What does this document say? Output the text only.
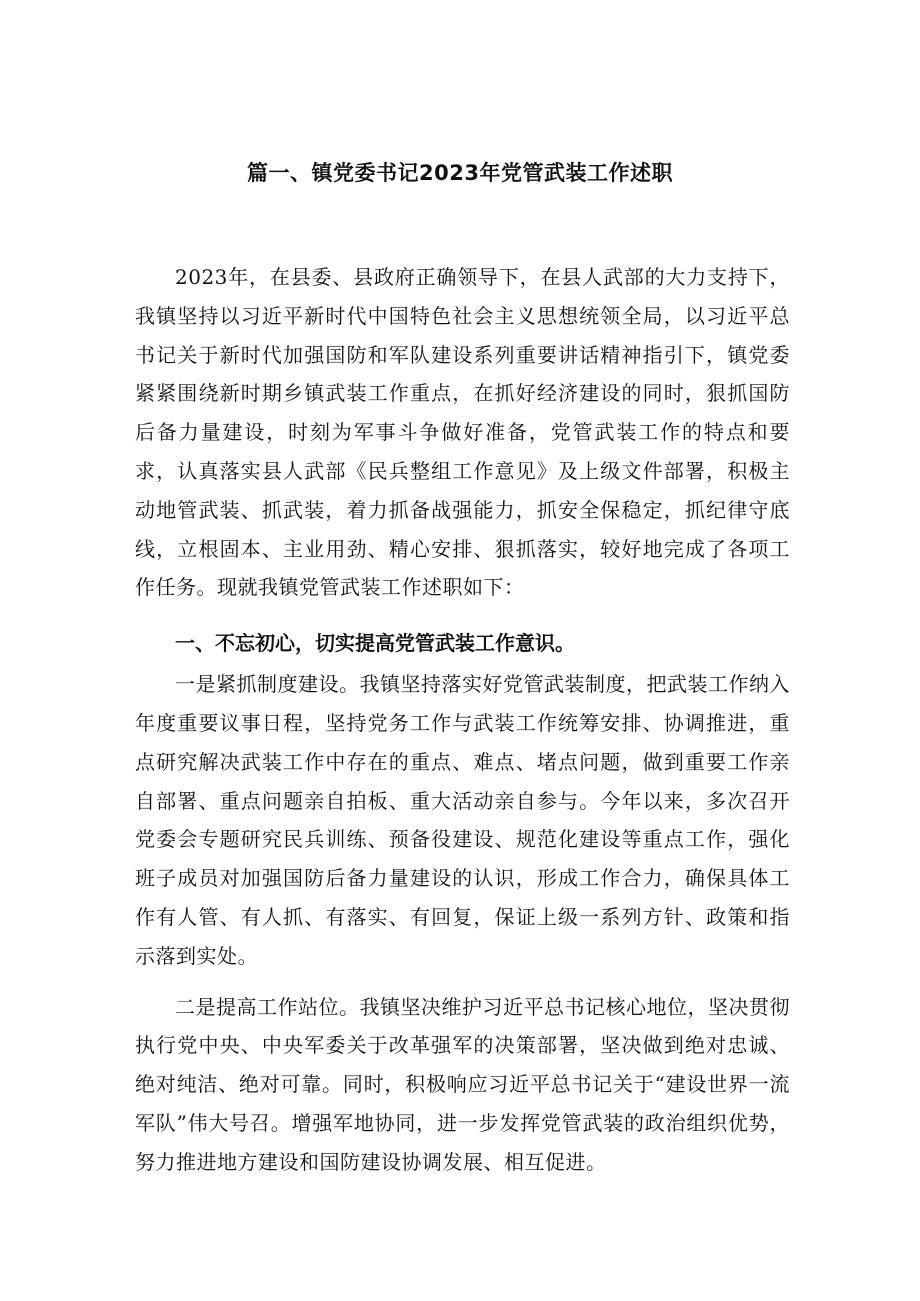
篇一、镇党委书记2023年党管武装工作述职

2023年，在县委、县政府正确领导下，在县人武部的大力支持下，我镇坚持以习近平新时代中国特色社会主义思想统领全局，以习近平总书记关于新时代加强国防和军队建设系列重要讲话精神指引下，镇党委紧紧围绕新时期乡镇武装工作重点，在抓好经济建设的同时，狠抓国防后备力量建设，时刻为军事斗争做好准备，党管武装工作的特点和要求，认真落实县人武部《民兵整组工作意见》及上级文件部署，积极主动地管武装、抓武装，着力抓备战强能力，抓安全保稳定，抓纪律守底线，立根固本、主业用劲、精心安排、狠抓落实，较好地完成了各项工作任务。现就我镇党管武装工作述职如下：

一、不忘初心，切实提高党管武装工作意识。

一是紧抓制度建设。我镇坚持落实好党管武装制度，把武装工作纳入年度重要议事日程，坚持党务工作与武装工作统筹安排、协调推进，重点研究解决武装工作中存在的重点、难点、堵点问题，做到重要工作亲自部署、重点问题亲自拍板、重大活动亲自参与。今年以来，多次召开党委会专题研究民兵训练、预备役建设、规范化建设等重点工作，强化班子成员对加强国防后备力量建设的认识，形成工作合力，确保具体工作有人管、有人抓、有落实、有回复，保证上级一系列方针、政策和指示落到实处。

二是提高工作站位。我镇坚决维护习近平总书记核心地位，坚决贯彻执行党中央、中央军委关于改革强军的决策部署，坚决做到绝对忠诚、绝对纯洁、绝对可靠。同时，积极响应习近平总书记关于“建设世界一流军队”伟大号召。增强军地协同，进一步发挥党管武装的政治组织优势，努力推进地方建设和国防建设协调发展、相互促进。
